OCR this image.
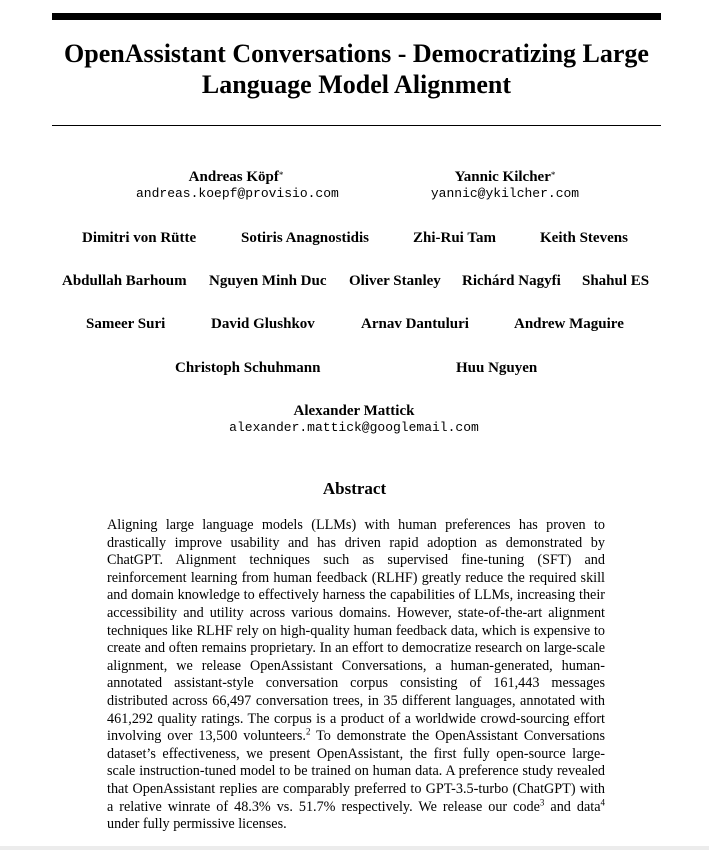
OpenAssistant Conversations - Democratizing Large
Language Model Alignment
Andreas Köpf*
andreas.koepf@provisio.com
Yannic Kilcher*
yannic@ykilcher.com
Dimitri von Rütte	Sotiris Anagnostidis	Zhi-Rui Tam	Keith Stevens
Abdullah Barhoum Nguyen Minh Duc Oliver Stanley Richárd Nagyfi Shahul ES
Sameer Suri	David Glushkov	Arnav Dantuluri	Andrew Maguire
Christoph Schuhmann	Huu Nguyen
Alexander Mattick
alexander.mattick@googlemail.com
Abstract
Aligning large language models (LLMs) with human preferences has proven to drastically improve usability and has driven rapid adoption as demonstrated by ChatGPT. Alignment techniques such as supervised fine-tuning (SFT) and reinforcement learning from human feedback (RLHF) greatly reduce the required skill and domain knowledge to effectively harness the capabilities of LLMs, increasing their accessibility and utility across various domains. However, state-of-the-art alignment techniques like RLHF rely on high-quality human feedback data, which is expensive to create and often remains proprietary. In an effort to democratize research on large-scale alignment, we release OpenAssistant Conversations, a human-generated, human-annotated assistant-style conversation corpus consisting of 161,443 messages distributed across 66,497 conversation trees, in 35 different languages, annotated with 461,292 quality ratings. The corpus is a product of a worldwide crowd-sourcing effort involving over 13,500 volunteers.$^2$ To demonstrate the OpenAssistant Conversations dataset’s effectiveness, we present OpenAssistant, the first fully open-source large-scale instruction-tuned model to be trained on human data. A preference study revealed that OpenAssistant replies are comparably preferred to GPT-3.5-turbo (ChatGPT) with a relative winrate of 48.3% vs. 51.7% respectively. We release our code$^3$ and data$^4$ under fully permissive licenses.
